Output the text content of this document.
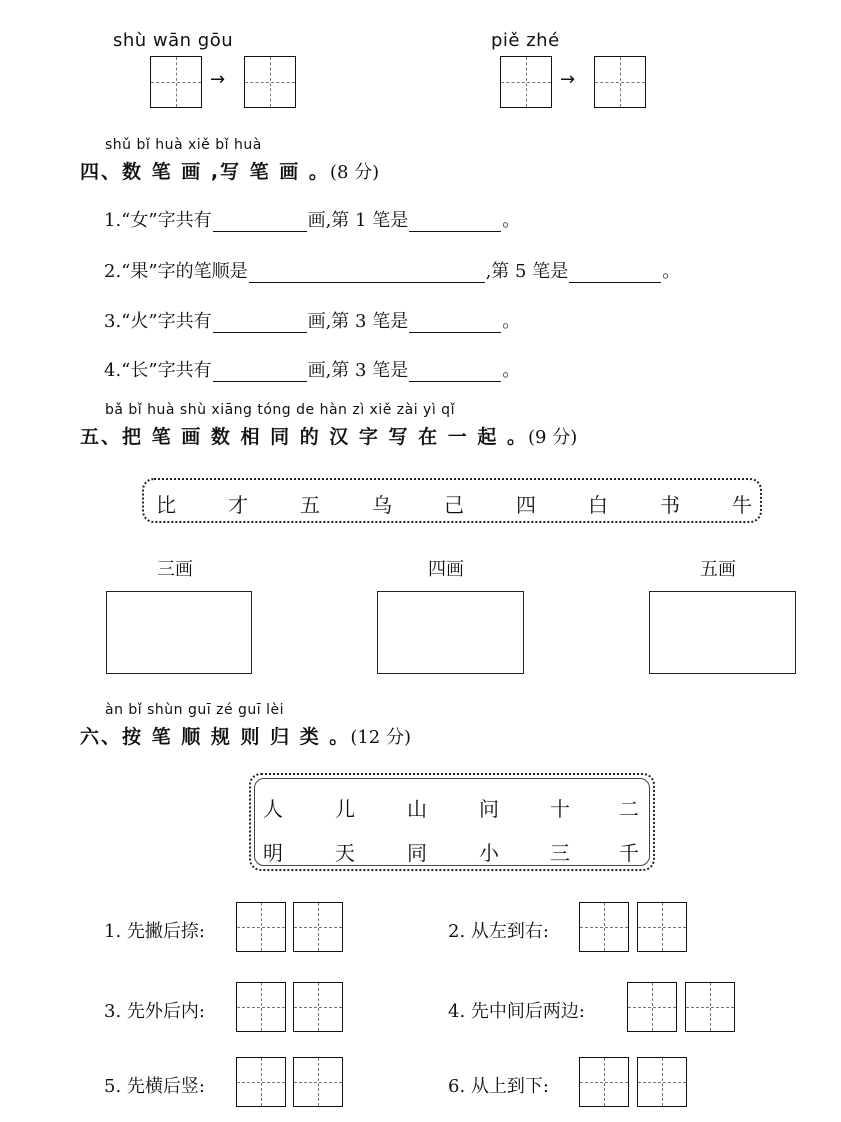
shù wān gōu
→
piě zhé
→
shǔ bǐ huà xiě bǐ huà
四、数 笔 画 ,写 笔 画 。(8 分)
1.“女”字共有	画,第 1 笔是	。
2.“果”字的笔顺是	,第 5 笔是	。
3.“火”字共有	画,第 3 笔是	。
4.“长”字共有	画,第 3 笔是	。
bǎ bǐ huà shù xiāng tóng de hàn zì xiě zài yì qǐ
五、把 笔 画 数 相 同 的 汉 字 写 在 一 起 。(9 分)
比	才	五	乌	己	四	白	书	牛
三画	四画	五画
àn bǐ shùn guī zé guī lèi
六、按 笔 顺 规 则 归 类 。(12 分)
人	儿	山	问	十 二
明	天	同	小	三 千
1. 先撇后捺:	2. 从左到右:
3. 先外后内:	4. 先中间后两边:
5. 先横后竖:	6. 从上到下:
